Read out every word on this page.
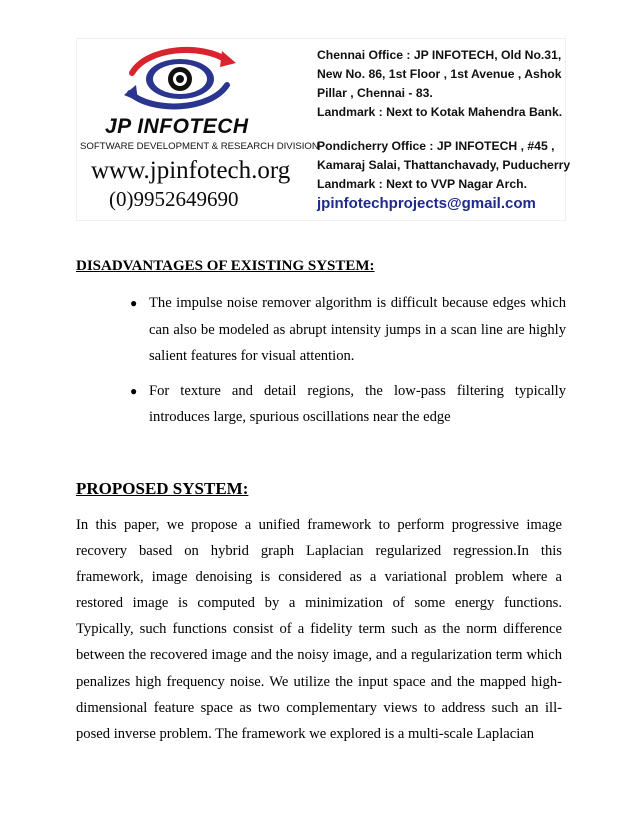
JP INFOTECH
SOFTWARE DEVELOPMENT & RESEARCH DIVISION
www.jpinfotech.org
(0)9952649690
Chennai Office : JP INFOTECH, Old No.31,
New No. 86, 1st Floor , 1st Avenue , Ashok
Pillar , Chennai - 83.
Landmark : Next to Kotak Mahendra Bank.
Pondicherry Office : JP INFOTECH , #45 ,
Kamaraj Salai, Thattanchavady, Puducherry
Landmark : Next to VVP Nagar Arch.
jpinfotechprojects@gmail.com
DISADVANTAGES OF EXISTING SYSTEM:
● The impulse noise remover algorithm is difficult because edges which can also be modeled as abrupt intensity jumps in a scan line are highly salient features for visual attention.
● For texture and detail regions, the low-pass filtering typically introduces large, spurious oscillations near the edge
PROPOSED SYSTEM:

In this paper, we propose a unified framework to perform progressive image recovery based on hybrid graph Laplacian regularized regression.In this framework, image denoising is considered as a variational problem where a restored image is computed by a minimization of some energy functions. Typically, such functions consist of a fidelity term such as the norm difference between the recovered image and the noisy image, and a regularization term which penalizes high frequency noise. We utilize the input space and the mapped high-dimensional feature space as two complementary views to address such an ill-posed inverse problem. The framework we explored is a multi-scale Laplacian
